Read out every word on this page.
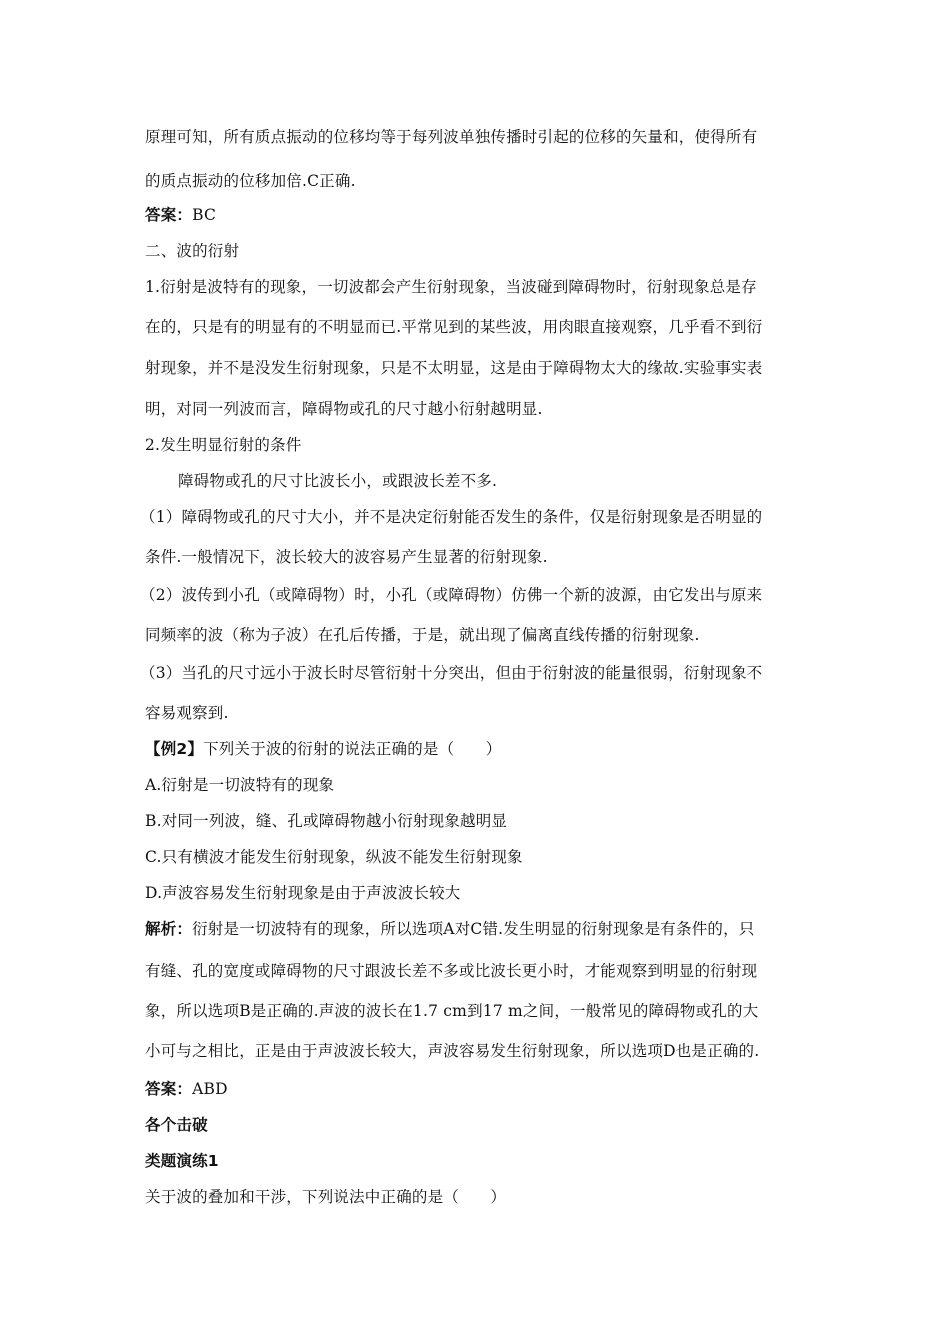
原理可知，所有质点振动的位移均等于每列波单独传播时引起的位移的矢量和，使得所有
的质点振动的位移加倍.C正确.
答案：BC
二、波的衍射
1.衍射是波特有的现象，一切波都会产生衍射现象，当波碰到障碍物时，衍射现象总是存
在的，只是有的明显有的不明显而已.平常见到的某些波，用肉眼直接观察，几乎看不到衍
射现象，并不是没发生衍射现象，只是不太明显，这是由于障碍物太大的缘故.实验事实表
明，对同一列波而言，障碍物或孔的尺寸越小衍射越明显.
2.发生明显衍射的条件
障碍物或孔的尺寸比波长小，或跟波长差不多.
（1）障碍物或孔的尺寸大小，并不是决定衍射能否发生的条件，仅是衍射现象是否明显的
条件.一般情况下，波长较大的波容易产生显著的衍射现象.
（2）波传到小孔（或障碍物）时，小孔（或障碍物）仿佛一个新的波源，由它发出与原来
同频率的波（称为子波）在孔后传播，于是，就出现了偏离直线传播的衍射现象.
（3）当孔的尺寸远小于波长时尽管衍射十分突出，但由于衍射波的能量很弱，衍射现象不
容易观察到.
【例2】下列关于波的衍射的说法正确的是（　　）
A.衍射是一切波特有的现象
B.对同一列波，缝、孔或障碍物越小衍射现象越明显
C.只有横波才能发生衍射现象，纵波不能发生衍射现象
D.声波容易发生衍射现象是由于声波波长较大
解析：衍射是一切波特有的现象，所以选项A对C错.发生明显的衍射现象是有条件的，只
有缝、孔的宽度或障碍物的尺寸跟波长差不多或比波长更小时，才能观察到明显的衍射现
象，所以选项B是正确的.声波的波长在1.7 cm到17 m之间，一般常见的障碍物或孔的大
小可与之相比，正是由于声波波长较大，声波容易发生衍射现象，所以选项D也是正确的.
答案：ABD
各个击破
类题演练1
关于波的叠加和干涉，下列说法中正确的是（　　）
